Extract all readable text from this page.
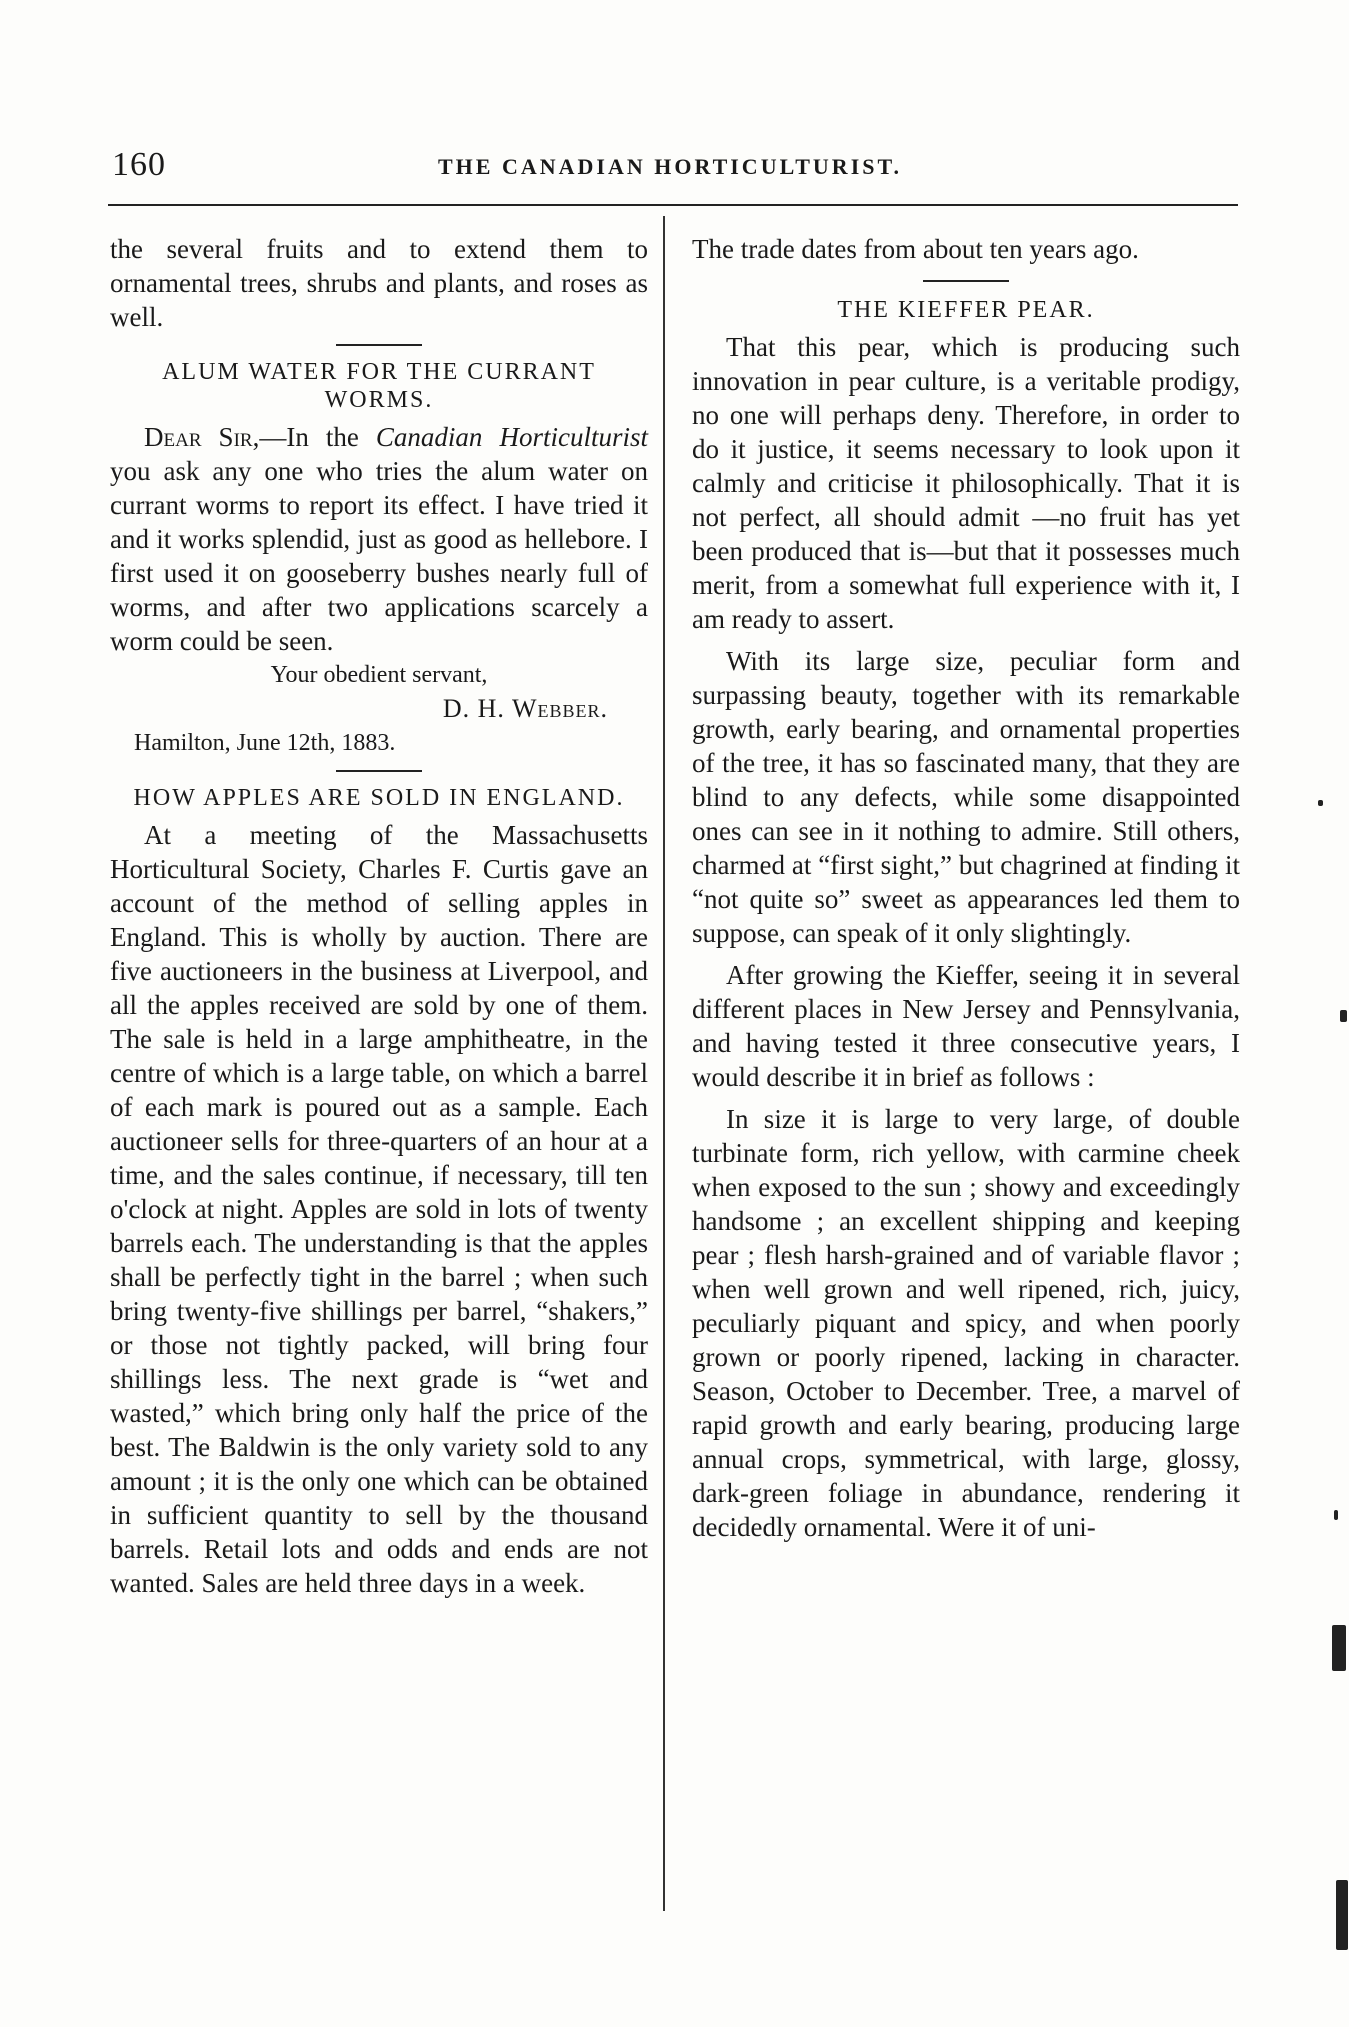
160	THE CANADIAN HORTICULTURIST.

the several fruits and to extend them to ornamental trees, shrubs and plants, and roses as well.

ALUM WATER FOR THE CURRANT WORMS.

Dear Sir,—In the Canadian Horticulturist you ask any one who tries the alum water on currant worms to report its effect. I have tried it and it works splendid, just as good as hellebore. I first used it on gooseberry bushes nearly full of worms, and after two applications scarcely a worm could be seen.

Your obedient servant,
D. H. Webber.
Hamilton, June 12th, 1883.
HOW APPLES ARE SOLD IN ENGLAND.

At a meeting of the Massachusetts Horticultural Society, Charles F. Curtis gave an account of the method of selling apples in England. This is wholly by auction. There are five auctioneers in the business at Liverpool, and all the apples received are sold by one of them. The sale is held in a large amphitheatre, in the centre of which is a large table, on which a barrel of each mark is poured out as a sample. Each auctioneer sells for three-quarters of an hour at a time, and the sales continue, if necessary, till ten o'clock at night. Apples are sold in lots of twenty barrels each. The understanding is that the apples shall be perfectly tight in the barrel ; when such bring twenty-five shillings per barrel, “shakers,” or those not tightly packed, will bring four shillings less. The next grade is “wet and wasted,” which bring only half the price of the best. The Baldwin is the only variety sold to any amount ; it is the only one which can be obtained in sufficient quantity to sell by the thousand barrels. Retail lots and odds and ends are not wanted. Sales are held three days in a week.

The trade dates from about ten years ago.

THE KIEFFER PEAR.

That this pear, which is producing such innovation in pear culture, is a veritable prodigy, no one will perhaps deny. Therefore, in order to do it justice, it seems necessary to look upon it calmly and criticise it philosophically. That it is not perfect, all should admit —no fruit has yet been produced that is—but that it possesses much merit, from a somewhat full experience with it, I am ready to assert.

With its large size, peculiar form and surpassing beauty, together with its remarkable growth, early bearing, and ornamental properties of the tree, it has so fascinated many, that they are blind to any defects, while some disappointed ones can see in it nothing to admire. Still others, charmed at “first sight,” but chagrined at finding it “not quite so” sweet as appearances led them to suppose, can speak of it only slightingly.

After growing the Kieffer, seeing it in several different places in New Jersey and Pennsylvania, and having tested it three consecutive years, I would describe it in brief as follows :

In size it is large to very large, of double turbinate form, rich yellow, with carmine cheek when exposed to the sun ; showy and exceedingly handsome ; an excellent shipping and keeping pear ; flesh harsh-grained and of variable flavor ; when well grown and well ripened, rich, juicy, peculiarly piquant and spicy, and when poorly grown or poorly ripened, lacking in character. Season, October to December. Tree, a marvel of rapid growth and early bearing, producing large annual crops, symmetrical, with large, glossy, dark-green foliage in abundance, rendering it decidedly ornamental. Were it of uni-
